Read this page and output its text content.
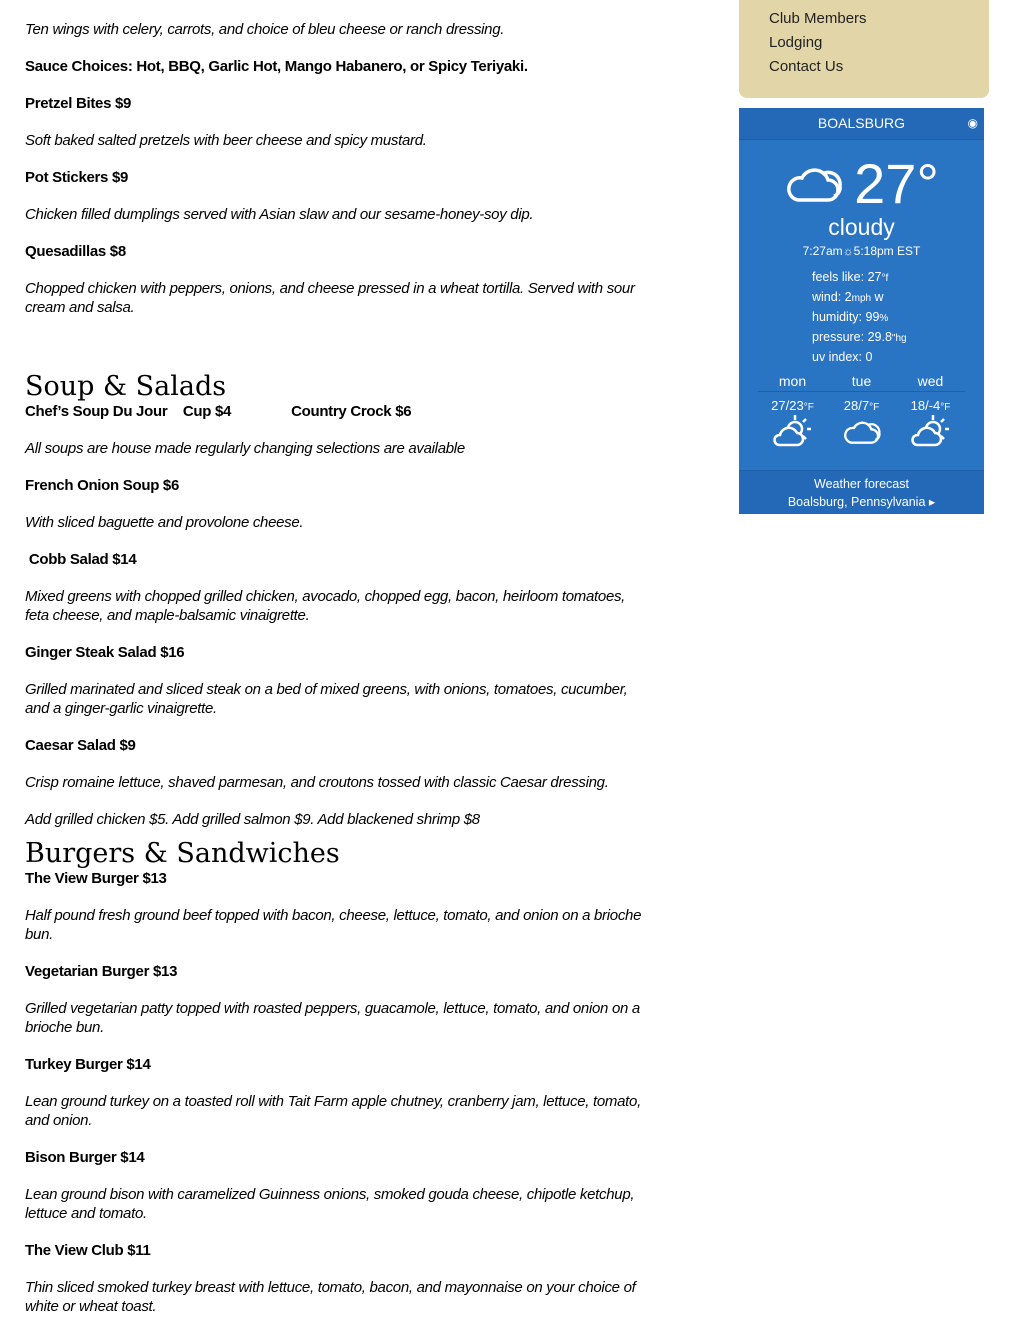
Ten wings with celery, carrots, and choice of bleu cheese or ranch dressing.

Sauce Choices: Hot, BBQ, Garlic Hot, Mango Habanero, or Spicy Teriyaki.

Pretzel Bites $9

Soft baked salted pretzels with beer cheese and spicy mustard.

Pot Stickers $9

Chicken filled dumplings served with Asian slaw and our sesame-honey-soy dip.

Quesadillas $8

Chopped chicken with peppers, onions, and cheese pressed in a wheat tortilla. Served with sour cream and salsa.

Soup & Salads

Chef’s Soup Du Jour Cup $4	Country Crock $6

All soups are house made regularly changing selections are available

French Onion Soup $6

With sliced baguette and provolone cheese.

Cobb Salad $14

Mixed greens with chopped grilled chicken, avocado, chopped egg, bacon, heirloom tomatoes, feta cheese, and maple-balsamic vinaigrette.

Ginger Steak Salad $16

Grilled marinated and sliced steak on a bed of mixed greens, with onions, tomatoes, cucumber, and a ginger-garlic vinaigrette.

Caesar Salad $9

Crisp romaine lettuce, shaved parmesan, and croutons tossed with classic Caesar dressing.

Add grilled chicken $5. Add grilled salmon $9. Add blackened shrimp $8

Burgers & Sandwiches

The View Burger $13

Half pound fresh ground beef topped with bacon, cheese, lettuce, tomato, and onion on a brioche bun.

Vegetarian Burger $13

Grilled vegetarian patty topped with roasted peppers, guacamole, lettuce, tomato, and onion on a brioche bun.

Turkey Burger $14

Lean ground turkey on a toasted roll with Tait Farm apple chutney, cranberry jam, lettuce, tomato, and onion.

Bison Burger $14

Lean ground bison with caramelized Guinness onions, smoked gouda cheese, chipotle ketchup, lettuce and tomato.

The View Club $11

Thin sliced smoked turkey breast with lettuce, tomato, bacon, and mayonnaise on your choice of white or wheat toast.

Club Members
Lodging
Contact Us
BOALSBURG	◉
27°
cloudy
7:27am☼5:18pm EST
feels like: 27°f
wind: 2mph w
humidity: 99%
pressure: 29.8"hg
uv index: 0
mon	tue	wed
27/23°F	28/7°F	18/-4°F

Weather forecast
Boalsburg, Pennsylvania ▸
